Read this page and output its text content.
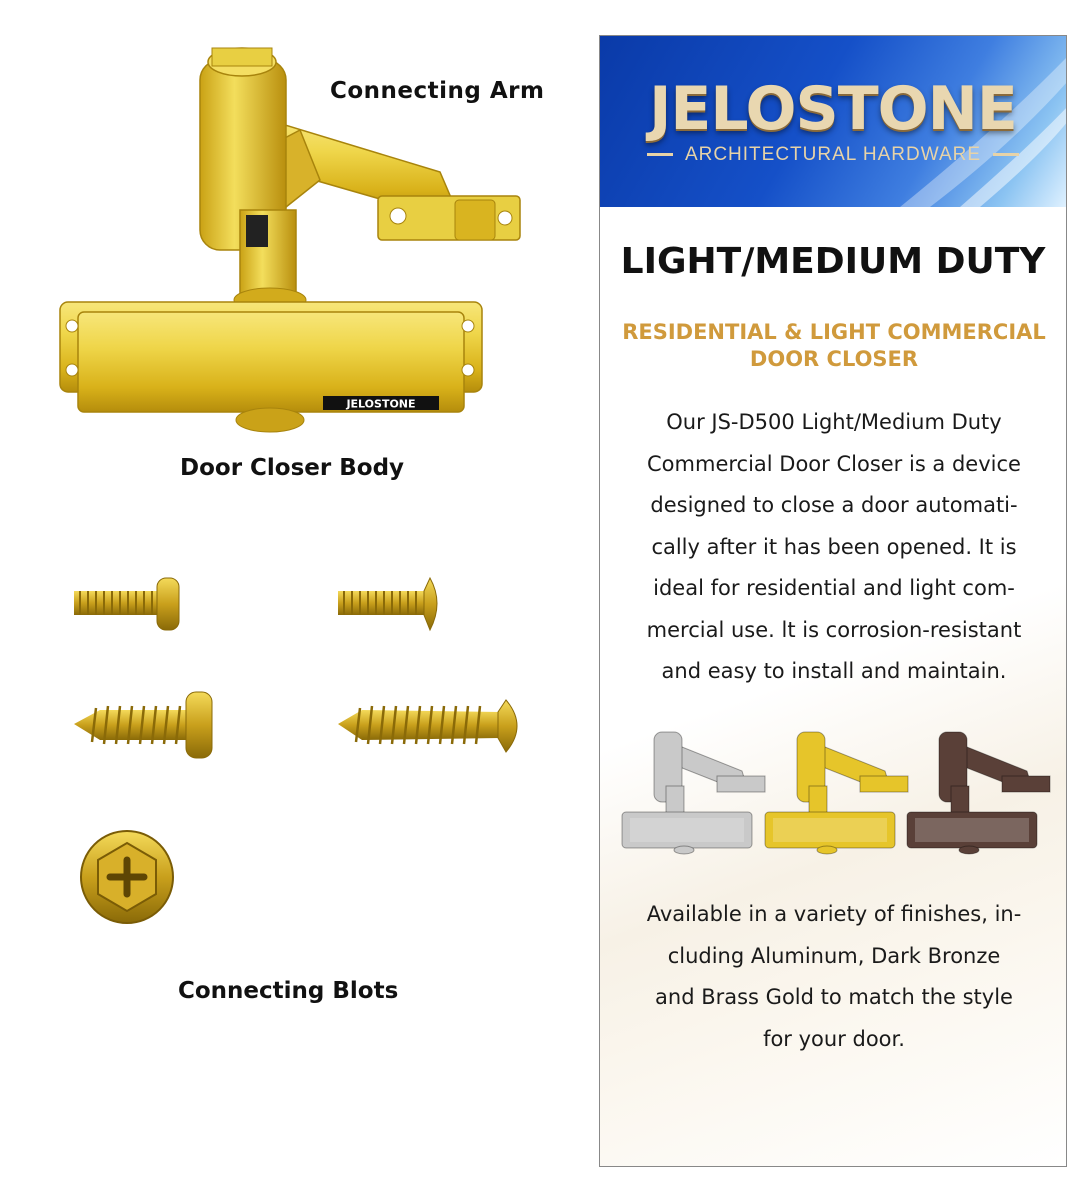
JELOSTONE
Connecting Arm
Door Closer Body
Connecting Blots
JELOSTONE
ARCHITECTURAL HARDWARE
LIGHT/MEDIUM DUTY
RESIDENTIAL & LIGHT COMMERCIAL
DOOR CLOSER
Our JS-D500 Light/Medium Duty
Commercial Door Closer is a device
designed to close a door automati-
cally after it has been opened. It is
ideal for residential and light com-
mercial use. lt is corrosion-resistant
and easy to install and maintain.
Available in a variety of finishes, in-
cluding Aluminum, Dark Bronze
and Brass Gold to match the style
for your door.
